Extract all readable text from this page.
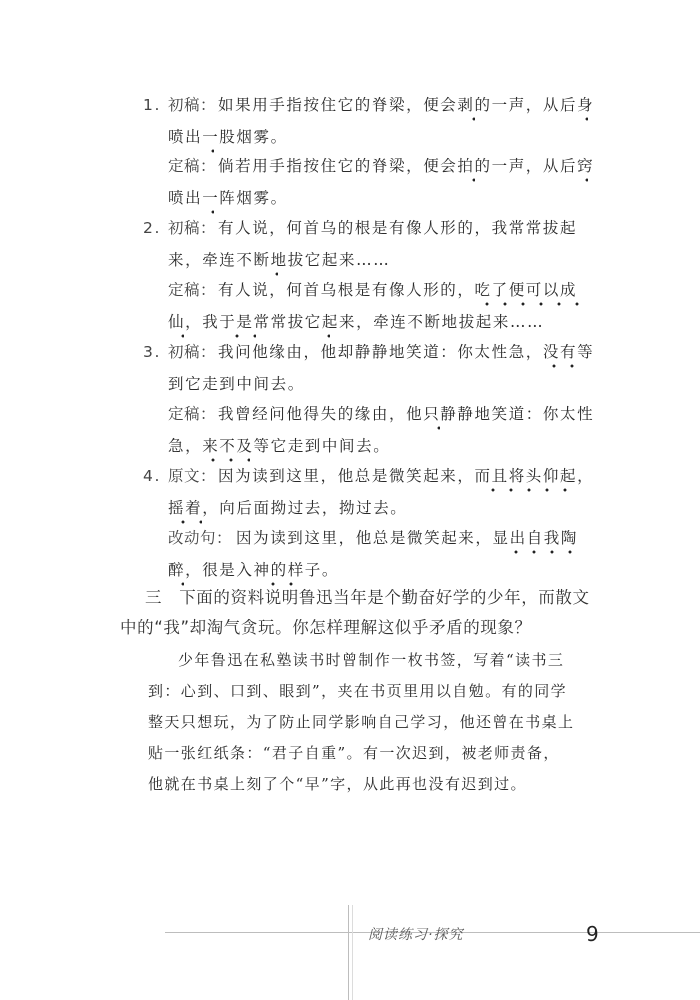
1. 初稿： 如果用手指按住它的脊梁，便会剥的一声，从后身
喷出一股烟雾。
定稿： 倘若用手指按住它的脊梁，便会拍的一声，从后窍
喷出一阵烟雾。
2. 初稿： 有人说，何首乌的根是有像人形的，我常常拔起
来，牵连不断地拔它起来……
定稿： 有人说，何首乌根是有像人形的，吃了便可以成
仙，我于是常常拔它起来，牵连不断地拔起来……
3. 初稿： 我问他缘由，他却静静地笑道：你太性急，没有等
到它走到中间去。
定稿： 我曾经问他得失的缘由，他只静静地笑道：你太性
急，来不及等它走到中间去。
4. 原文： 因为读到这里，他总是微笑起来，而且将头仰起，
摇着，向后面拗过去，拗过去。
改动句： 因为读到这里，他总是微笑起来，显出自我陶
醉，很是入神的样子。
三　下面的资料说明鲁迅当年是个勤奋好学的少年，而散文
中的“我”却淘气贪玩。你怎样理解这似乎矛盾的现象？
少年鲁迅在私塾读书时曾制作一枚书签，写着“读书三
到：心到、口到、眼到”，夹在书页里用以自勉。有的同学
整天只想玩，为了防止同学影响自己学习，他还曾在书桌上
贴一张红纸条：“君子自重”。有一次迟到，被老师责备，
他就在书桌上刻了个“早”字，从此再也没有迟到过。
阅读练习·探究	9
